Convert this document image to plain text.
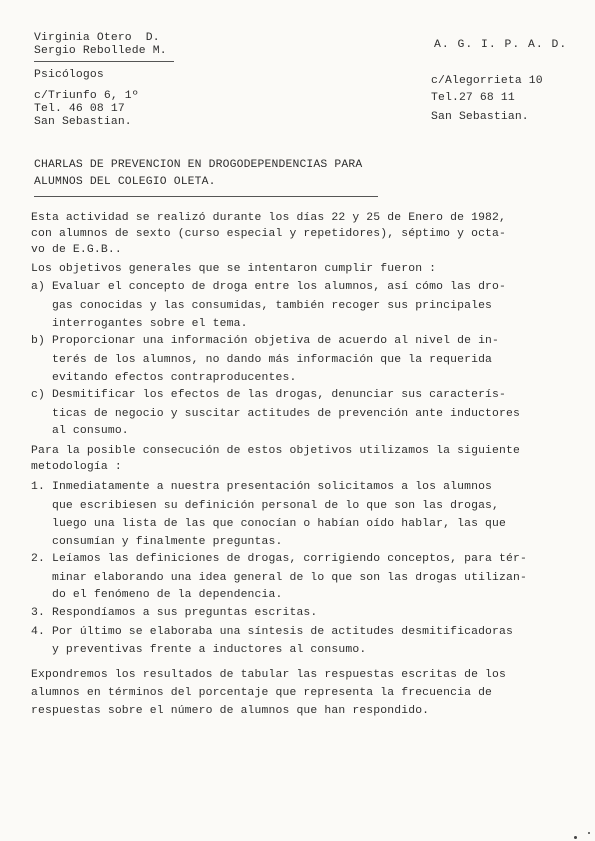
Virginia Otero  D.
Sergio Rebollede M.
Psicólogos
c/Triunfo 6, 1º
Tel. 46 08 17
San Sebastian.
A. G. I. P. A. D.
c/Alegorrieta 10
Tel.27 68 11
San Sebastian.
CHARLAS DE PREVENCION EN DROGODEPENDENCIAS PARA
ALUMNOS DEL COLEGIO OLETA.
Esta actividad se realizó durante los días 22 y 25 de Enero de 1982,
con alumnos de sexto (curso especial y repetidores), séptimo y octa-
vo de E.G.B..
Los objetivos generales que se intentaron cumplir fueron :
a) Evaluar el concepto de droga entre los alumnos, así cómo las dro-
gas conocidas y las consumidas, también recoger sus principales
interrogantes sobre el tema.
b) Proporcionar una información objetiva de acuerdo al nivel de in-
terés de los alumnos, no dando más información que la requerida
evitando efectos contraproducentes.
c) Desmitificar los efectos de las drogas, denunciar sus caracterís-
ticas de negocio y suscitar actitudes de prevención ante inductores
al consumo.
Para la posible consecución de estos objetivos utilizamos la siguiente
metodología :
1. Inmediatamente a nuestra presentación solicitamos a los alumnos
que escribiesen su definición personal de lo que son las drogas,
luego una lista de las que conocían o habían oído hablar, las que
consumían y finalmente preguntas.
2. Leíamos las definiciones de drogas, corrigiendo conceptos, para tér-
minar elaborando una idea general de lo que son las drogas utilizan-
do el fenómeno de la dependencia.
3. Respondíamos a sus preguntas escritas.
4. Por último se elaboraba una síntesis de actitudes desmitificadoras
y preventivas frente a inductores al consumo.
Expondremos los resultados de tabular las respuestas escritas de los
alumnos en términos del porcentaje que representa la frecuencia de
respuestas sobre el número de alumnos que han respondido.
